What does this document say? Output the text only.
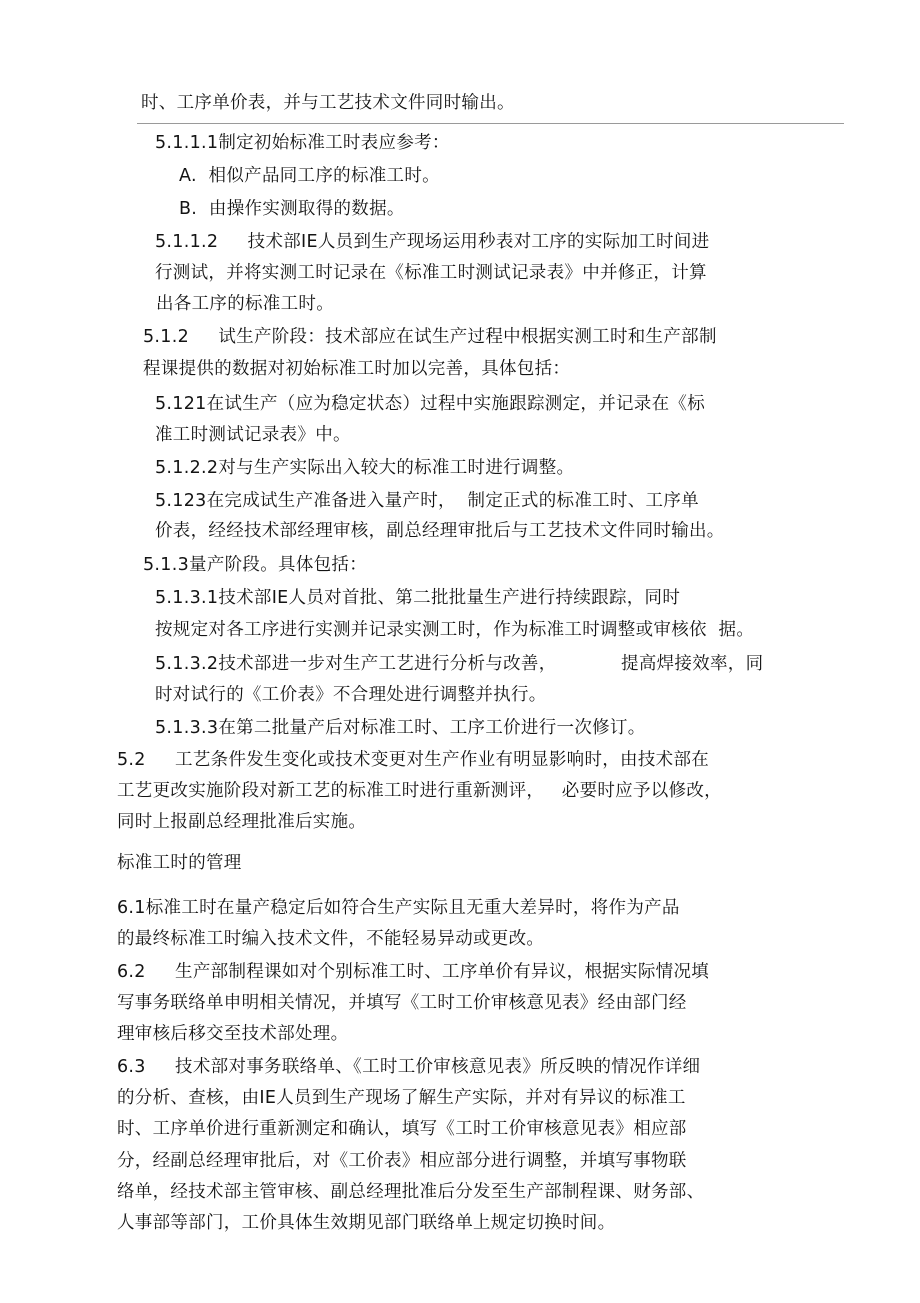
时、工序单价表，并与工艺技术文件同时输出。
5.1.1.1制定初始标准工时表应参考：
A.  相似产品同工序的标准工时。
B.  由操作实测取得的数据。
5.1.1.2     技术部IE人员到生产现场运用秒表对工序的实际加工时间进
行测试，并将实测工时记录在《标准工时测试记录表》中并修正，计算
出各工序的标准工时。
5.1.2     试生产阶段：技术部应在试生产过程中根据实测工时和生产部制
程课提供的数据对初始标准工时加以完善，具体包括：
5.121在试生产（应为稳定状态）过程中实施跟踪测定，并记录在《标
准工时测试记录表》中。
5.1.2.2对与生产实际出入较大的标准工时进行调整。
5.123在完成试生产准备进入量产时，  制定正式的标准工时、工序单
价表，经经技术部经理审核，副总经理审批后与工艺技术文件同时输出。
5.1.3量产阶段。具体包括：
5.1.3.1技术部IE人员对首批、第二批批量生产进行持续跟踪，同时
按规定对各工序进行实测并记录实测工时，作为标准工时调整或审核依  据。
5.1.3.2技术部进一步对生产工艺进行分析与改善，           提高焊接效率，同
时对试行的《工价表》不合理处进行调整并执行。
5.1.3.3在第二批量产后对标准工时、工序工价进行一次修订。
5.2     工艺条件发生变化或技术变更对生产作业有明显影响时，由技术部在
工艺更改实施阶段对新工艺的标准工时进行重新测评，   必要时应予以修改，
同时上报副总经理批准后实施。
标准工时的管理
6.1标准工时在量产稳定后如符合生产实际且无重大差异时，将作为产品
的最终标准工时编入技术文件，不能轻易异动或更改。
6.2     生产部制程课如对个别标准工时、工序单价有异议，根据实际情况填
写事务联络单申明相关情况，并填写《工时工价审核意见表》经由部门经
理审核后移交至技术部处理。
6.3     技术部对事务联络单、《工时工价审核意见表》所反映的情况作详细
的分析、查核，由IE人员到生产现场了解生产实际，并对有异议的标准工
时、工序单价进行重新测定和确认，填写《工时工价审核意见表》相应部
分，经副总经理审批后，对《工价表》相应部分进行调整，并填写事物联
络单，经技术部主管审核、副总经理批准后分发至生产部制程课、财务部、
人事部等部门，工价具体生效期见部门联络单上规定切换时间。
